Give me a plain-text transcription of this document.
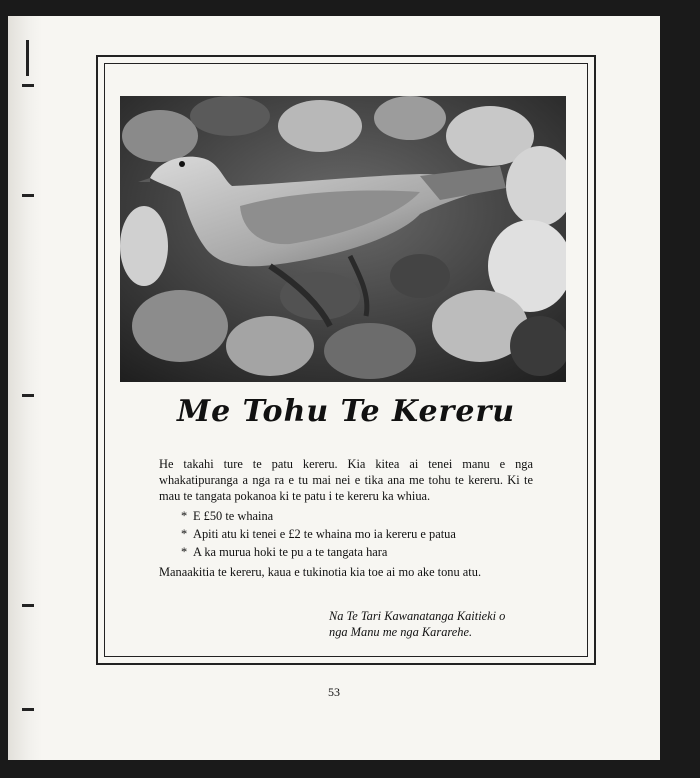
Me Tohu Te Kereru

He takahi ture te patu kereru. Kia kitea ai tenei manu e nga whakatipuranga a nga ra e tu mai nei e tika ana me tohu te kereru. Ki te mau te tangata pokanoa ki te patu i te kereru ka whiua.

* E £50 te whaina
* Apiti atu ki tenei e £2 te whaina mo ia kereru e patua
* A ka murua hoki te pu a te tangata hara

Manaakitia te kereru, kaua e tukinotia kia toe ai mo ake tonu atu.

Na Te Tari Kawanatanga Kaitieki o
nga Manu me nga Kararehe.
53
